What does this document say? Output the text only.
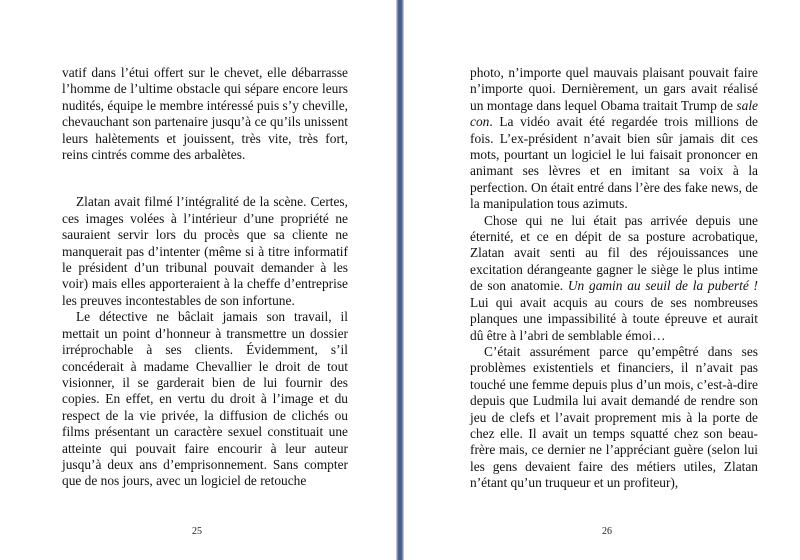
vatif dans l’étui offert sur le chevet, elle débarrasse l’homme de l’ultime obstacle qui sépare encore leurs nudités, équipe le membre intéressé puis s’y cheville, chevauchant son partenaire jusqu’à ce qu’ils unissent leurs halètements et jouissent, très vite, très fort, reins cintrés comme des arbalètes.

Zlatan avait filmé l’intégralité de la scène. Certes, ces images volées à l’intérieur d’une propriété ne sauraient servir lors du procès que sa cliente ne manquerait pas d’intenter (même si à titre informatif le président d’un tribunal pouvait demander à les voir) mais elles apporteraient à la cheffe d’entreprise les preuves incontestables de son infortune.

Le détective ne bâclait jamais son travail, il mettait un point d’honneur à transmettre un dossier irréprochable à ses clients. Évidemment, s’il concéderait à madame Chevallier le droit de tout visionner, il se garderait bien de lui fournir des copies. En effet, en vertu du droit à l’image et du respect de la vie privée, la diffusion de clichés ou films présentant un caractère sexuel constituait une atteinte qui pouvait faire encourir à leur auteur jusqu’à deux ans d’emprisonnement. Sans compter que de nos jours, avec un logiciel de retouche

25

photo, n’importe quel mauvais plaisant pouvait faire n’importe quoi. Dernièrement, un gars avait réalisé un montage dans lequel Obama traitait Trump de sale con. La vidéo avait été regardée trois millions de fois. L’ex-président n’avait bien sûr jamais dit ces mots, pourtant un logiciel le lui faisait prononcer en animant ses lèvres et en imitant sa voix à la perfection. On était entré dans l’ère des fake news, de la manipulation tous azimuts.

Chose qui ne lui était pas arrivée depuis une éternité, et ce en dépit de sa posture acrobatique, Zlatan avait senti au fil des réjouissances une excitation dérangeante gagner le siège le plus intime de son anatomie. Un gamin au seuil de la puberté ! Lui qui avait acquis au cours de ses nombreuses planques une impassibilité à toute épreuve et aurait dû être à l’abri de semblable émoi…

C’était assurément parce qu’empêtré dans ses problèmes existentiels et financiers, il n’avait pas touché une femme depuis plus d’un mois, c’est-à-dire depuis que Ludmila lui avait demandé de rendre son jeu de clefs et l’avait proprement mis à la porte de chez elle. Il avait un temps squatté chez son beau-frère mais, ce dernier ne l’appréciant guère (selon lui les gens devaient faire des métiers utiles, Zlatan n’étant qu’un truqueur et un profiteur),

26
